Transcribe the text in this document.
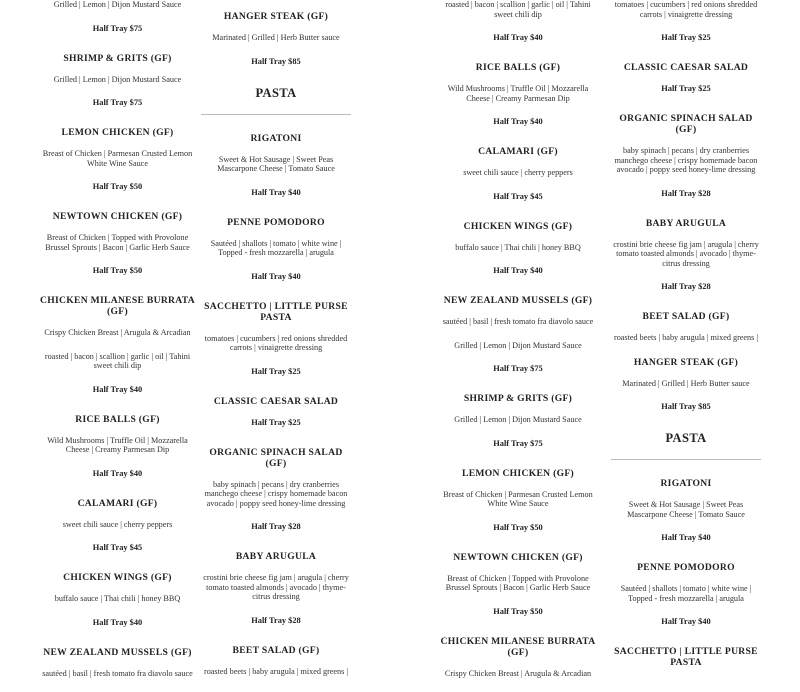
Grilled | Lemon | Dijon Mustard Sauce
Half Tray $75
SHRIMP & GRITS (GF)
Grilled | Lemon | Dijon Mustard Sauce
Half Tray $75
LEMON CHICKEN (GF)
Breast of Chicken | Parmesan Crusted Lemon White Wine Sauce
Half Tray $50
NEWTOWN CHICKEN (GF)
Breast of Chicken | Topped with Provolone Brussel Sprouts | Bacon | Garlic Herb Sauce
Half Tray $50
CHICKEN MILANESE BURRATA (GF)
Crispy Chicken Breast | Arugula & Arcadian
roasted | bacon | scallion | garlic | oil | Tahini sweet chili dip
Half Tray $40
RICE BALLS (GF)
Wild Mushrooms | Truffle Oil | Mozzarella Cheese | Creamy Parmesan Dip
Half Tray $40
CALAMARI (GF)
sweet chili sauce | cherry peppers
Half Tray $45
CHICKEN WINGS (GF)
buffalo sauce | Thai chili | honey BBQ
Half Tray $40
NEW ZEALAND MUSSELS (GF)
sautéed | basil | fresh tomato fra diavolo sauce
HANGER STEAK (GF)
Marinated | Grilled | Herb Butter sauce
Half Tray $85
PASTA
RIGATONI
Sweet & Hot Sausage | Sweet Peas Mascarpone Cheese | Tomato Sauce
Half Tray $40
PENNE POMODORO
Sautéed | shallots | tomato | white wine | Topped - fresh mozzarella | arugula
Half Tray $40
SACCHETTO | LITTLE PURSE PASTA
tomatoes | cucumbers | red onions shredded carrots | vinaigrette dressing
Half Tray $25
CLASSIC CAESAR SALAD
Half Tray $25
ORGANIC SPINACH SALAD (GF)
baby spinach | pecans | dry cranberries manchego cheese | crispy homemade bacon avocado | poppy seed honey-lime dressing
Half Tray $28
BABY ARUGULA
crostini brie cheese fig jam | arugula | cherry tomato toasted almonds | avocado | thyme-citrus dressing
Half Tray $28
BEET SALAD (GF)
roasted beets | baby arugula | mixed greens |
roasted | bacon | scallion | garlic | oil | Tahini sweet chili dip
Half Tray $40
RICE BALLS (GF)
Wild Mushrooms | Truffle Oil | Mozzarella Cheese | Creamy Parmesan Dip
Half Tray $40
CALAMARI (GF)
sweet chili sauce | cherry peppers
Half Tray $45
CHICKEN WINGS (GF)
buffalo sauce | Thai chili | honey BBQ
Half Tray $40
NEW ZEALAND MUSSELS (GF)
sautéed | basil | fresh tomato fra diavolo sauce
Grilled | Lemon | Dijon Mustard Sauce
Half Tray $75
SHRIMP & GRITS (GF)
Grilled | Lemon | Dijon Mustard Sauce
Half Tray $75
LEMON CHICKEN (GF)
Breast of Chicken | Parmesan Crusted Lemon White Wine Sauce
Half Tray $50
NEWTOWN CHICKEN (GF)
Breast of Chicken | Topped with Provolone Brussel Sprouts | Bacon | Garlic Herb Sauce
Half Tray $50
CHICKEN MILANESE BURRATA (GF)
Crispy Chicken Breast | Arugula & Arcadian
tomatoes | cucumbers | red onions shredded carrots | vinaigrette dressing
Half Tray $25
CLASSIC CAESAR SALAD
Half Tray $25
ORGANIC SPINACH SALAD (GF)
baby spinach | pecans | dry cranberries manchego cheese | crispy homemade bacon avocado | poppy seed honey-lime dressing
Half Tray $28
BABY ARUGULA
crostini brie cheese fig jam | arugula | cherry tomato toasted almonds | avocado | thyme-citrus dressing
Half Tray $28
BEET SALAD (GF)
roasted beets | baby arugula | mixed greens |
HANGER STEAK (GF)
Marinated | Grilled | Herb Butter sauce
Half Tray $85
PASTA
RIGATONI
Sweet & Hot Sausage | Sweet Peas Mascarpone Cheese | Tomato Sauce
Half Tray $40
PENNE POMODORO
Sautéed | shallots | tomato | white wine | Topped - fresh mozzarella | arugula
Half Tray $40
SACCHETTO | LITTLE PURSE PASTA
